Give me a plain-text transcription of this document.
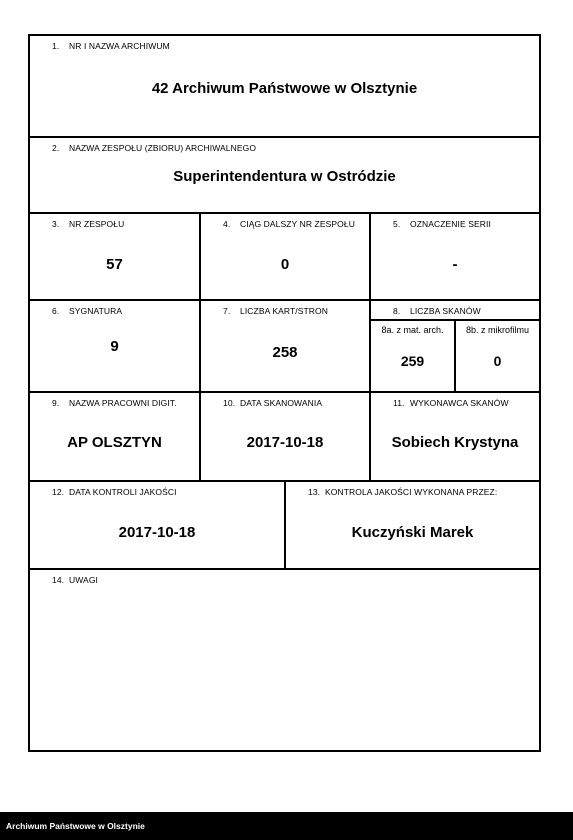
1. NR I NAZWA ARCHIWUM
42 Archiwum Państwowe w Olsztynie
2. NAZWA ZESPOŁU (ZBIORU) ARCHIWALNEGO
Superintendentura w Ostródzie
3. NR ZESPOŁU
57
4. CIĄG DALSZY NR ZESPOŁU
0
5. OZNACZENIE SERII
-
6. SYGNATURA
9
7. LICZBA KART/STRON
258
8. LICZBA SKANÓW
8a. z mat. arch.
259
8b. z mikrofilmu
0
9. NAZWA PRACOWNI DIGIT.
AP OLSZTYN
10. DATA SKANOWANIA
2017-10-18
11. WYKONAWCA SKANÓW
Sobiech Krystyna
12. DATA KONTROLI JAKOŚCI
2017-10-18
13. KONTROLA JAKOŚCI WYKONANA PRZEZ:
Kuczyński Marek
14. UWAGI
Archiwum Państwowe w Olsztynie
